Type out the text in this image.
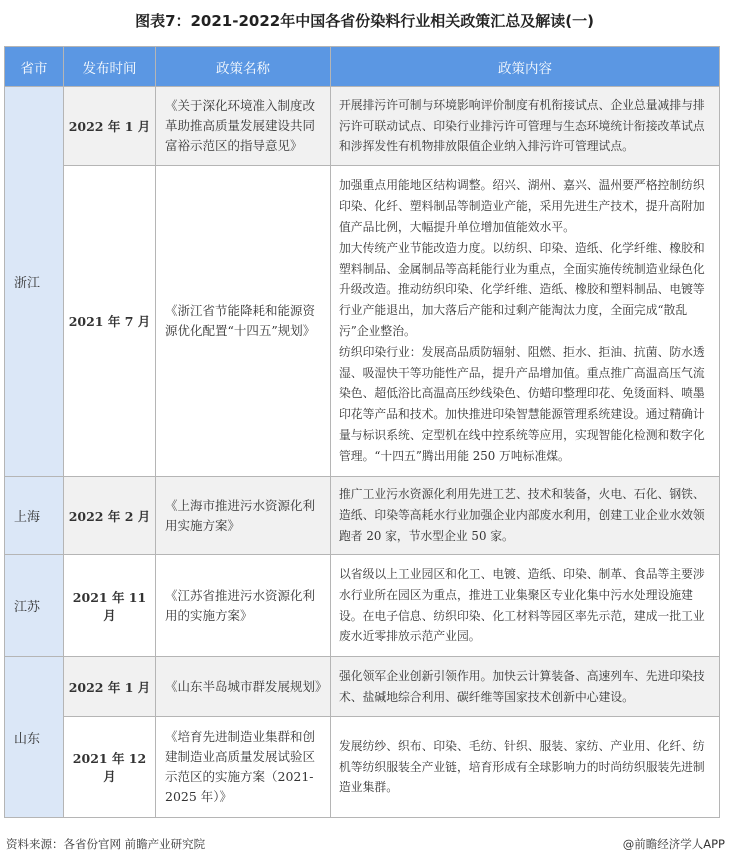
图表7：2021-2022年中国各省份染料行业相关政策汇总及解读(一)
省市	发布时间	政策名称	政策内容
浙江	2022 年 1 月	《关于深化环境准入制度改革助推高质量发展建设共同富裕示范区的指导意见》	开展排污许可制与环境影响评价制度有机衔接试点、企业总量减排与排污许可联动试点、印染行业排污许可管理与生态环境统计衔接改革试点和涉挥发性有机物排放限值企业纳入排污许可管理试点。

	2021 年 7 月	《浙江省节能降耗和能源资源优化配置“十四五”规划》	加强重点用能地区结构调整。绍兴、湖州、嘉兴、温州要严格控制纺织印染、化纤、塑料制品等制造业产能，采用先进生产技术，提升高附加值产品比例，大幅提升单位增加值能效水平。
加大传统产业节能改造力度。以纺织、印染、造纸、化学纤维、橡胶和塑料制品、金属制品等高耗能行业为重点，全面实施传统制造业绿色化升级改造。推动纺织印染、化学纤维、造纸、橡胶和塑料制品、电镀等行业产能退出，加大落后产能和过剩产能淘汰力度，全面完成“散乱污”企业整治。
纺织印染行业：发展高品质防辐射、阻燃、拒水、拒油、抗菌、防水透湿、吸湿快干等功能性产品，提升产品增加值。重点推广高温高压气流染色、超低浴比高温高压纱线染色、仿蜡印整理印花、免烫面料、喷墨印花等产品和技术。加快推进印染智慧能源管理系统建设。通过精确计量与标识系统、定型机在线中控系统等应用，实现智能化检测和数字化管理。“十四五”腾出用能 250 万吨标准煤。

上海	2022 年 2 月	《上海市推进污水资源化利用实施方案》	推广工业污水资源化利用先进工艺、技术和装备，火电、石化、钢铁、造纸、印染等高耗水行业加强企业内部废水利用，创建工业企业水效领跑者 20 家，节水型企业 50 家。

江苏	2021 年 11 月	《江苏省推进污水资源化利用的实施方案》	以省级以上工业园区和化工、电镀、造纸、印染、制革、食品等主要涉水行业所在园区为重点，推进工业集聚区专业化集中污水处理设施建设。在电子信息、纺织印染、化工材料等园区率先示范，建成一批工业废水近零排放示范产业园。

山东	2022 年 1 月	《山东半岛城市群发展规划》	强化领军企业创新引领作用。加快云计算装备、高速列车、先进印染技术、盐碱地综合利用、碳纤维等国家技术创新中心建设。

	2021 年 12 月	《培育先进制造业集群和创建制造业高质量发展试验区示范区的实施方案（2021-2025 年）》	发展纺纱、织布、印染、毛纺、针织、服装、家纺、产业用、化纤、纺机等纺织服装全产业链，培育形成有全球影响力的时尚纺织服装先进制造业集群。
资料来源：各省份官网 前瞻产业研究院	@前瞻经济学人APP
